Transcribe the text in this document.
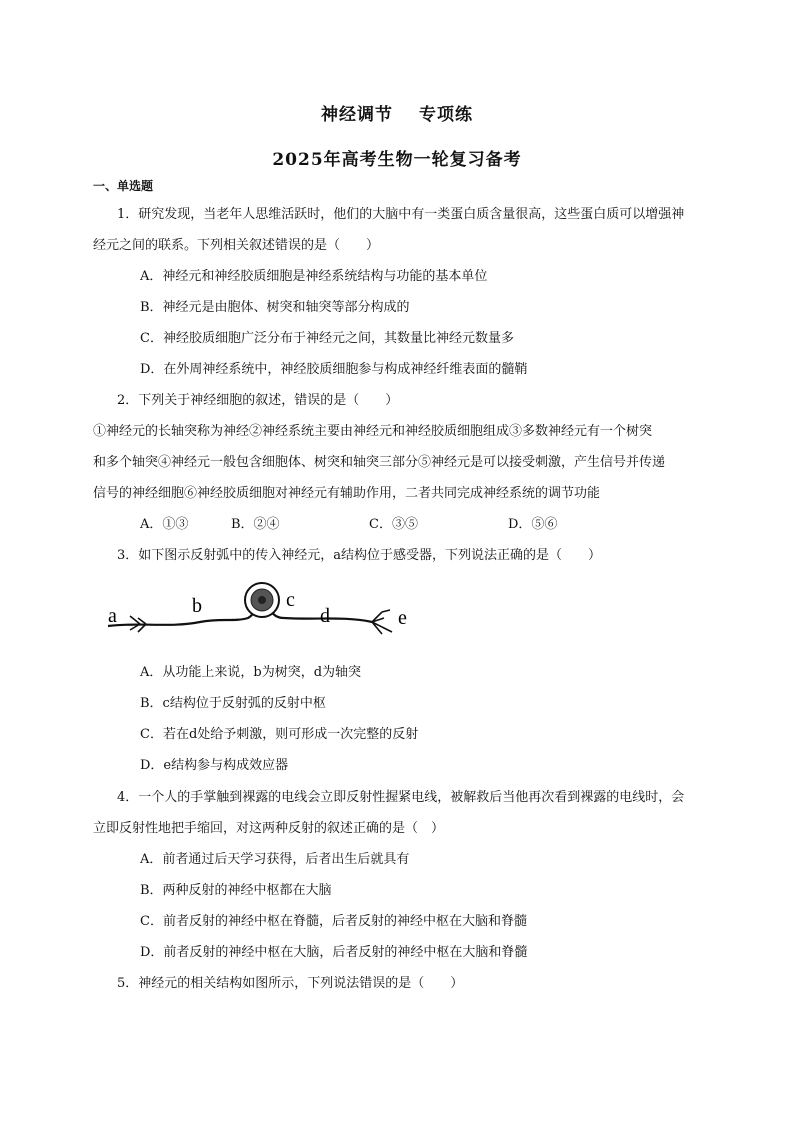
神经调节 专项练
2025年高考生物一轮复习备考
一、单选题
1．研究发现，当老年人思维活跃时，他们的大脑中有一类蛋白质含量很高，这些蛋白质可以增强神
经元之间的联系。下列相关叙述错误的是（　　）
A．神经元和神经胶质细胞是神经系统结构与功能的基本单位
B．神经元是由胞体、树突和轴突等部分构成的
C．神经胶质细胞广泛分布于神经元之间，其数量比神经元数量多
D．在外周神经系统中，神经胶质细胞参与构成神经纤维表面的髓鞘
2．下列关于神经细胞的叙述，错误的是（　　）
①神经元的长轴突称为神经②神经系统主要由神经元和神经胶质细胞组成③多数神经元有一个树突
和多个轴突④神经元一般包含细胞体、树突和轴突三部分⑤神经元是可以接受刺激，产生信号并传递
信号的神经细胞⑥神经胶质细胞对神经元有辅助作用，二者共同完成神经系统的调节功能
A．①③	B．②④	C．③⑤	D．⑤⑥
3．如下图示反射弧中的传入神经元，a结构位于感受器，下列说法正确的是（　　）
a	b	c
d	e
A．从功能上来说，b为树突，d为轴突
B．c结构位于反射弧的反射中枢
C．若在d处给予刺激，则可形成一次完整的反射
D．e结构参与构成效应器
4．一个人的手掌触到裸露的电线会立即反射性握紧电线，被解救后当他再次看到裸露的电线时，会
立即反射性地把手缩回，对这两种反射的叙述正确的是（　）
A．前者通过后天学习获得，后者出生后就具有
B．两种反射的神经中枢都在大脑
C．前者反射的神经中枢在脊髓，后者反射的神经中枢在大脑和脊髓
D．前者反射的神经中枢在大脑，后者反射的神经中枢在大脑和脊髓
5．神经元的相关结构如图所示，下列说法错误的是（　　）
